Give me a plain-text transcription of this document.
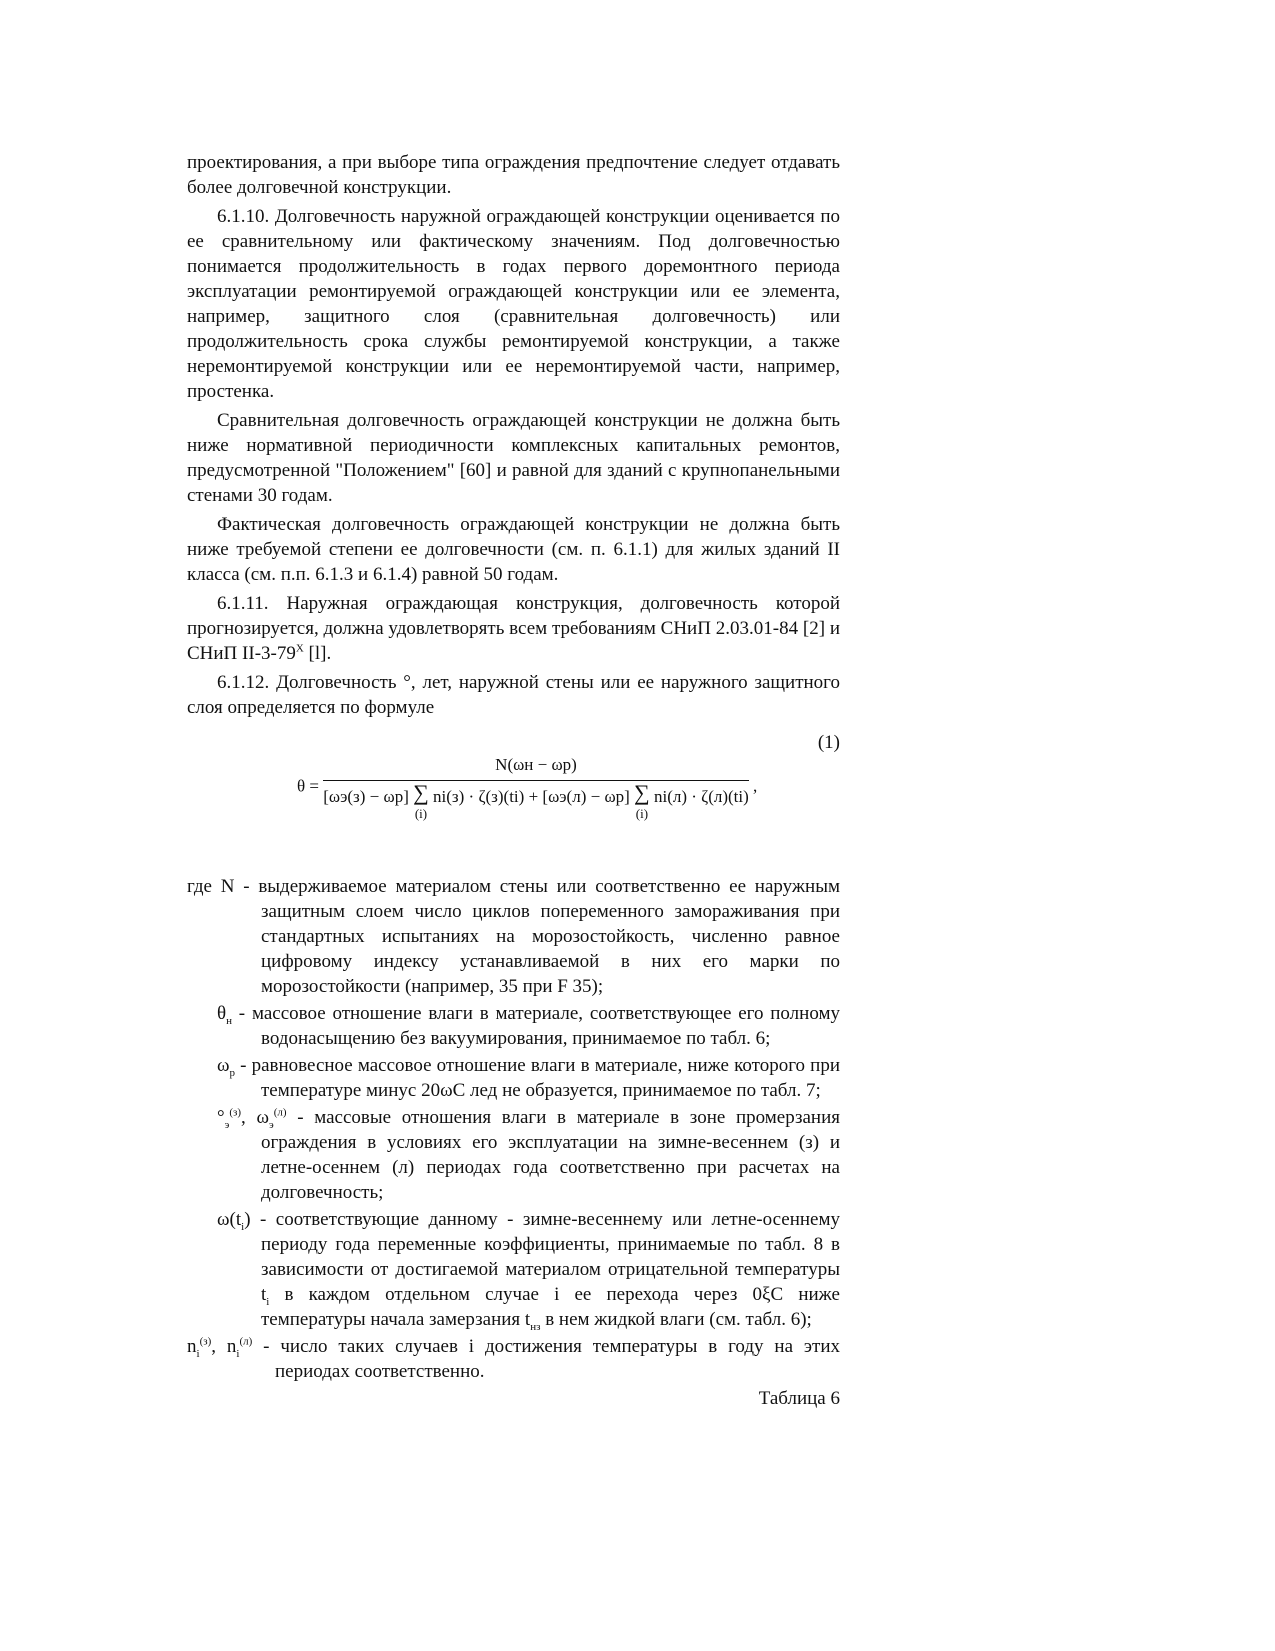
проектирования, а при выборе типа ограждения предпочтение следует отдавать более долговечной конструкции.

6.1.10. Долговечность наружной ограждающей конструкции оценивается по ее сравнительному или фактическому значениям. Под долговечностью понимается продолжительность в годах первого доремонтного периода эксплуатации ремонтируемой ограждающей конструкции или ее элемента, например, защитного слоя (сравнительная долговечность) или продолжительность срока службы ремонтируемой конструкции, а также неремонтируемой конструкции или ее неремонтируемой части, например, простенка.

Сравнительная долговечность ограждающей конструкции не должна быть ниже нормативной периодичности комплексных капитальных ремонтов, предусмотренной "Положением" [60] и равной для зданий с крупнопанельными стенами 30 годам.

Фактическая долговечность ограждающей конструкции не должна быть ниже требуемой степени ее долговечности (см. п. 6.1.1) для жилых зданий II класса (см. п.п. 6.1.3 и 6.1.4) равной 50 годам.

6.1.11. Наружная ограждающая конструкция, долговечность которой прогнозируется, должна удовлетворять всем требованиям СНиП 2.03.01-84 [2] и СНиП $II-3-79^X$ [l].

6.1.12. Долговечность °, лет, наружной стены или ее наружного защитного слоя определяется по формуле

(1)
θ =
N(ωн − ωр)
[ωэ(з) − ωр] ∑
(i) ni(з) · ζ(з)(ti) + [ωэ(л) − ωр] ∑
(i) ni(л) · ζ(л)(ti)
,

где N - выдерживаемое материалом стены или соответственно ее наружным защитным слоем число циклов попеременного замораживания при стандартных испытаниях на морозостойкость, численно равное цифровому индексу устанавливаемой в них его марки по морозостойкости (например, 35 при F 35);

$\theta_н$ - массовое отношение влаги в материале, соответствующее его полному водонасыщению без вакуумирования, принимаемое по табл. 6;

$\omega_р$ - равновесное массовое отношение влаги в материале, ниже которого при температуре минус 20ωС лед не образуется, принимаемое по табл. 7;

$^\circ_э^{(з)}$, $\omega_э^{(л)}$ - массовые отношения влаги в материале в зоне промерзания ограждения в условиях его эксплуатации на зимне-весеннем (з) и летне-осеннем (л) периодах года соответственно при расчетах на долговечность;

$\omega(t_i)$ - соответствующие данному - зимне-весеннему или летне-осеннему периоду года переменные коэффициенты, принимаемые по табл. 8 в зависимости от достигаемой материалом отрицательной температуры $t_i$ в каждом отдельном случае i ее перехода через 0ξС ниже температуры начала замерзания $t_{нз}$ в нем жидкой влаги (см. табл. 6);

$n_i^{(з)}$, $n_i^{(л)}$ - число таких случаев i достижения температуры в году на этих периодах соответственно.

Таблица 6
